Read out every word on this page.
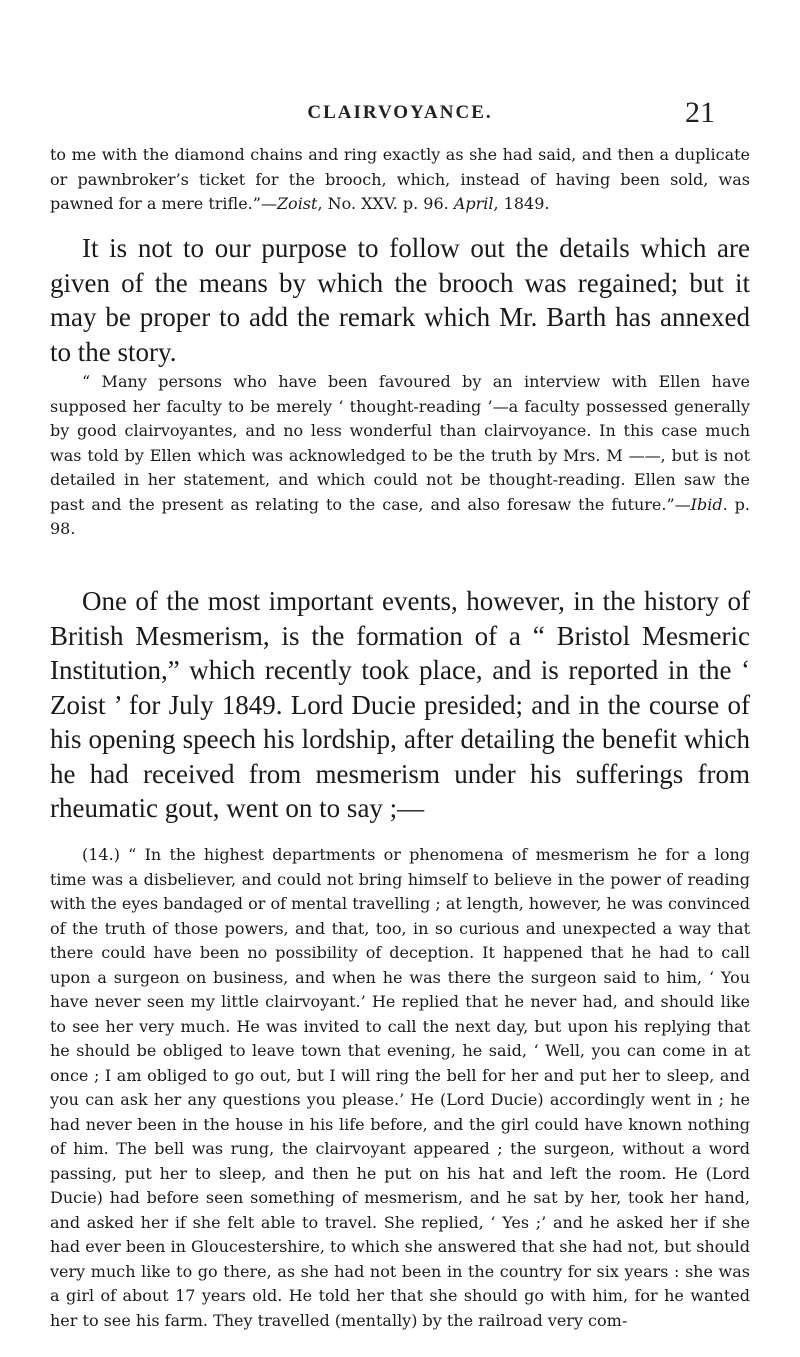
CLAIRVOYANCE.	21

to me with the diamond chains and ring exactly as she had said, and then a duplicate or pawnbroker’s ticket for the brooch, which, instead of having been sold, was pawned for a mere trifle.”—Zoist, No. XXV. p. 96. April, 1849.

It is not to our purpose to follow out the details which are given of the means by which the brooch was regained; but it may be proper to add the remark which Mr. Barth has annexed to the story.

“ Many persons who have been favoured by an interview with Ellen have supposed her faculty to be merely ‘ thought-reading ’—a faculty possessed generally by good clairvoyantes, and no less wonderful than clairvoyance. In this case much was told by Ellen which was acknowledged to be the truth by Mrs. M ——, but is not detailed in her statement, and which could not be thought-reading. Ellen saw the past and the present as relating to the case, and also foresaw the future.”—Ibid. p. 98.

One of the most important events, however, in the history of British Mesmerism, is the formation of a “ Bristol Mesmeric Institution,” which recently took place, and is reported in the ‘ Zoist ’ for July 1849. Lord Ducie presided; and in the course of his opening speech his lordship, after detailing the benefit which he had received from mesmerism under his sufferings from rheumatic gout, went on to say ;—

(14.) “ In the highest departments or phenomena of mesmerism he for a long time was a disbeliever, and could not bring himself to believe in the power of reading with the eyes bandaged or of mental travelling ; at length, however, he was convinced of the truth of those powers, and that, too, in so curious and unexpected a way that there could have been no possibility of deception. It happened that he had to call upon a surgeon on business, and when he was there the surgeon said to him, ‘ You have never seen my little clairvoyant.’ He replied that he never had, and should like to see her very much. He was invited to call the next day, but upon his replying that he should be obliged to leave town that evening, he said, ‘ Well, you can come in at once ; I am obliged to go out, but I will ring the bell for her and put her to sleep, and you can ask her any questions you please.’ He (Lord Ducie) accordingly went in ; he had never been in the house in his life before, and the girl could have known nothing of him. The bell was rung, the clairvoyant appeared ; the surgeon, without a word passing, put her to sleep, and then he put on his hat and left the room. He (Lord Ducie) had before seen something of mesmerism, and he sat by her, took her hand, and asked her if she felt able to travel. She replied, ‘ Yes ;’ and he asked her if she had ever been in Gloucestershire, to which she answered that she had not, but should very much like to go there, as she had not been in the country for six years : she was a girl of about 17 years old. He told her that she should go with him, for he wanted her to see his farm. They travelled (mentally) by the railroad very com-
